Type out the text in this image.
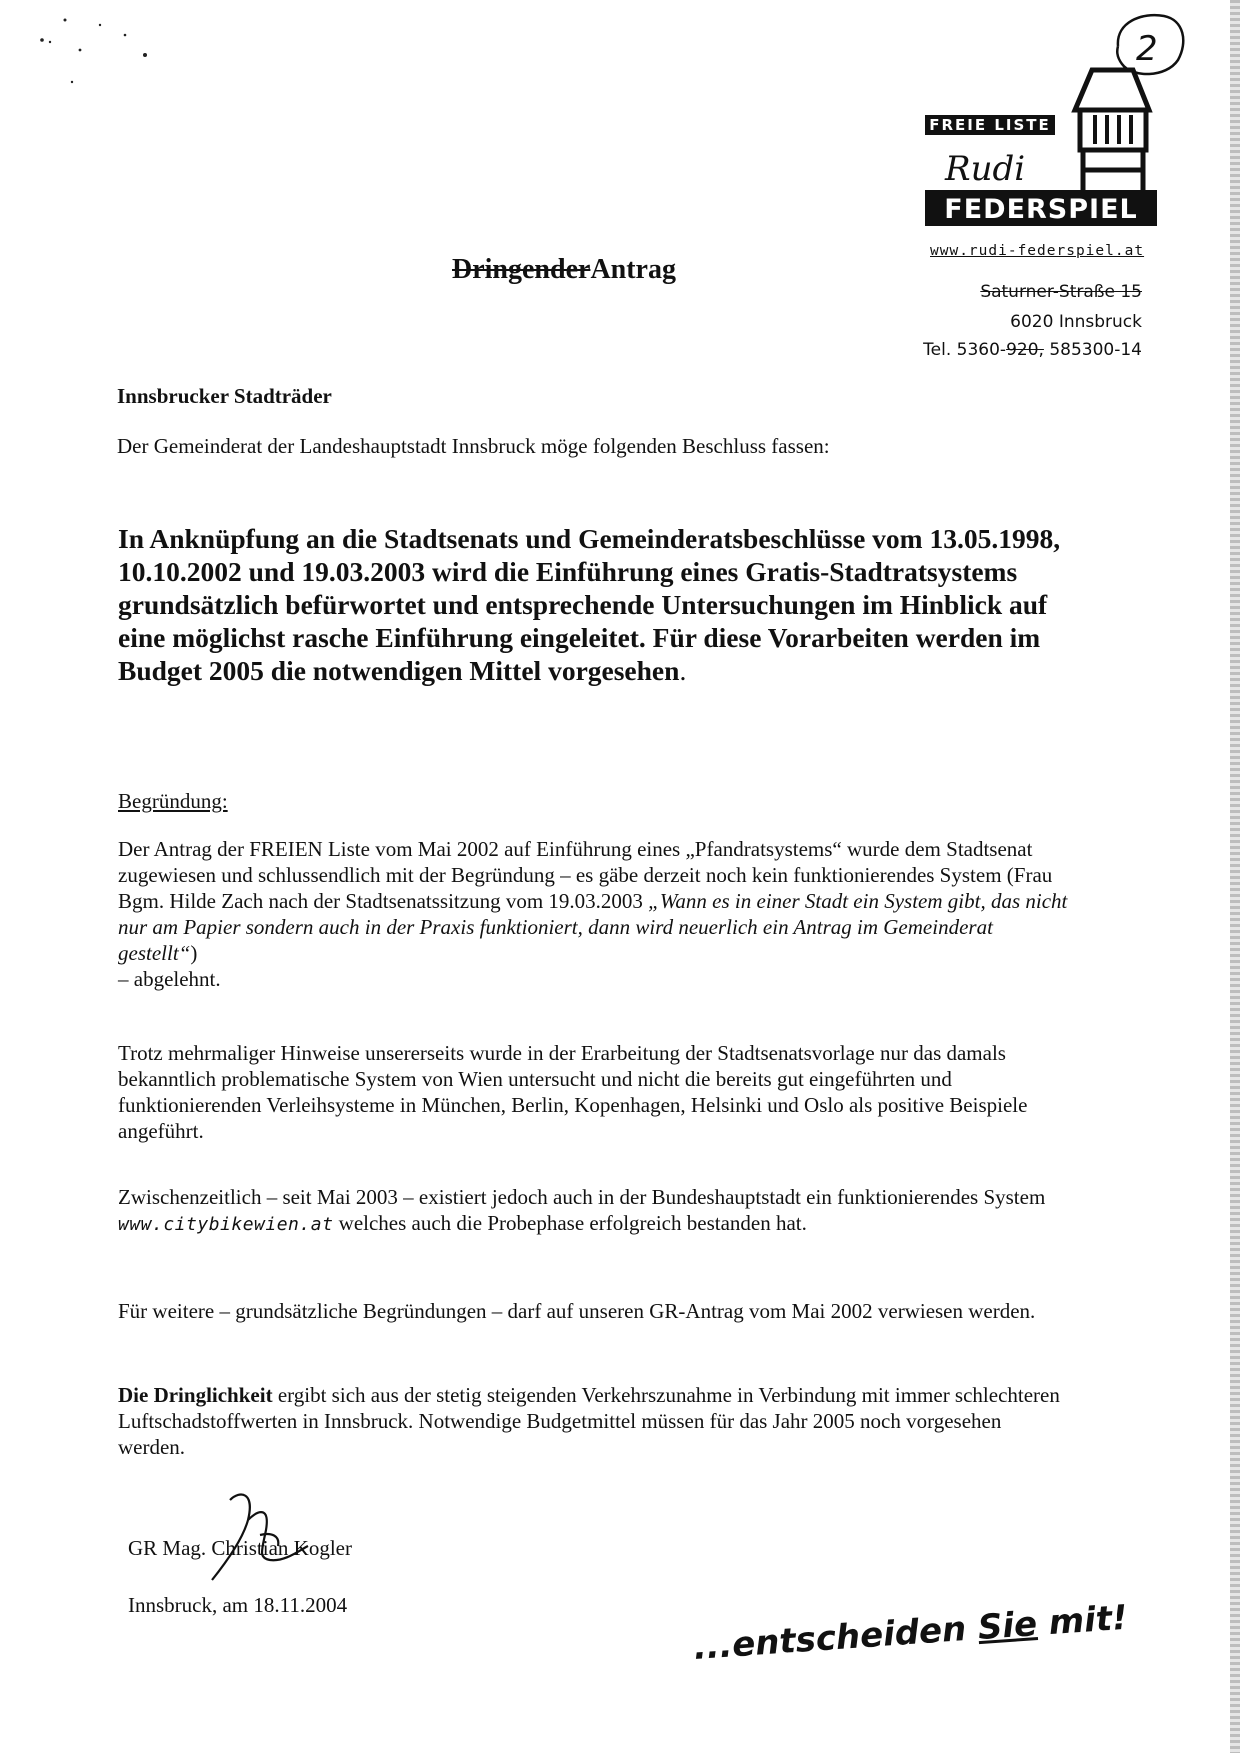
2
FREIE LISTE
Rudi
FEDERSPIEL
www.rudi-federspiel.at
Saturner-Straße 15
6020 Innsbruck
Tel. 5360-920, 585300-14
DringenderAntrag
Innsbrucker Stadträder
Der Gemeinderat der Landeshauptstadt Innsbruck möge folgenden Beschluss fassen:
In Anknüpfung an die Stadtsenats und Gemeinderatsbeschlüsse vom 13.05.1998, 10.10.2002 und 19.03.2003 wird die Einführung eines Gratis-Stadtratsystems grundsätzlich befürwortet und entsprechende Untersuchungen im Hinblick auf eine möglichst rasche Einführung eingeleitet. Für diese Vorarbeiten werden im Budget 2005 die notwendigen Mittel vorgesehen.
Begründung:
Der Antrag der FREIEN Liste vom Mai 2002 auf Einführung eines „Pfandratsystems“ wurde dem Stadtsenat zugewiesen und schlussendlich mit der Begründung – es gäbe derzeit noch kein funktionierendes System (Frau Bgm. Hilde Zach nach der Stadtsenatssitzung vom 19.03.2003 „Wann es in einer Stadt ein System gibt, das nicht nur am Papier sondern auch in der Praxis funktioniert, dann wird neuerlich ein Antrag im Gemeinderat gestellt“)
– abgelehnt.
Trotz mehrmaliger Hinweise unsererseits wurde in der Erarbeitung der Stadtsenatsvorlage nur das damals bekanntlich problematische System von Wien untersucht und nicht die bereits gut eingeführten und funktionierenden Verleihsysteme in München, Berlin, Kopenhagen, Helsinki und Oslo als positive Beispiele angeführt.
Zwischenzeitlich – seit Mai 2003 – existiert jedoch auch in der Bundeshauptstadt ein funktionierendes System www.citybikewien.at welches auch die Probephase erfolgreich bestanden hat.
Für weitere – grundsätzliche Begründungen – darf auf unseren GR-Antrag vom Mai 2002 verwiesen werden.
Die Dringlichkeit ergibt sich aus der stetig steigenden Verkehrszunahme in Verbindung mit immer schlechteren Luftschadstoffwerten in Innsbruck. Notwendige Budgetmittel müssen für das Jahr 2005 noch vorgesehen werden.
GR Mag. Christian Kogler
Innsbruck, am 18.11.2004
...entscheiden Sie mit!
